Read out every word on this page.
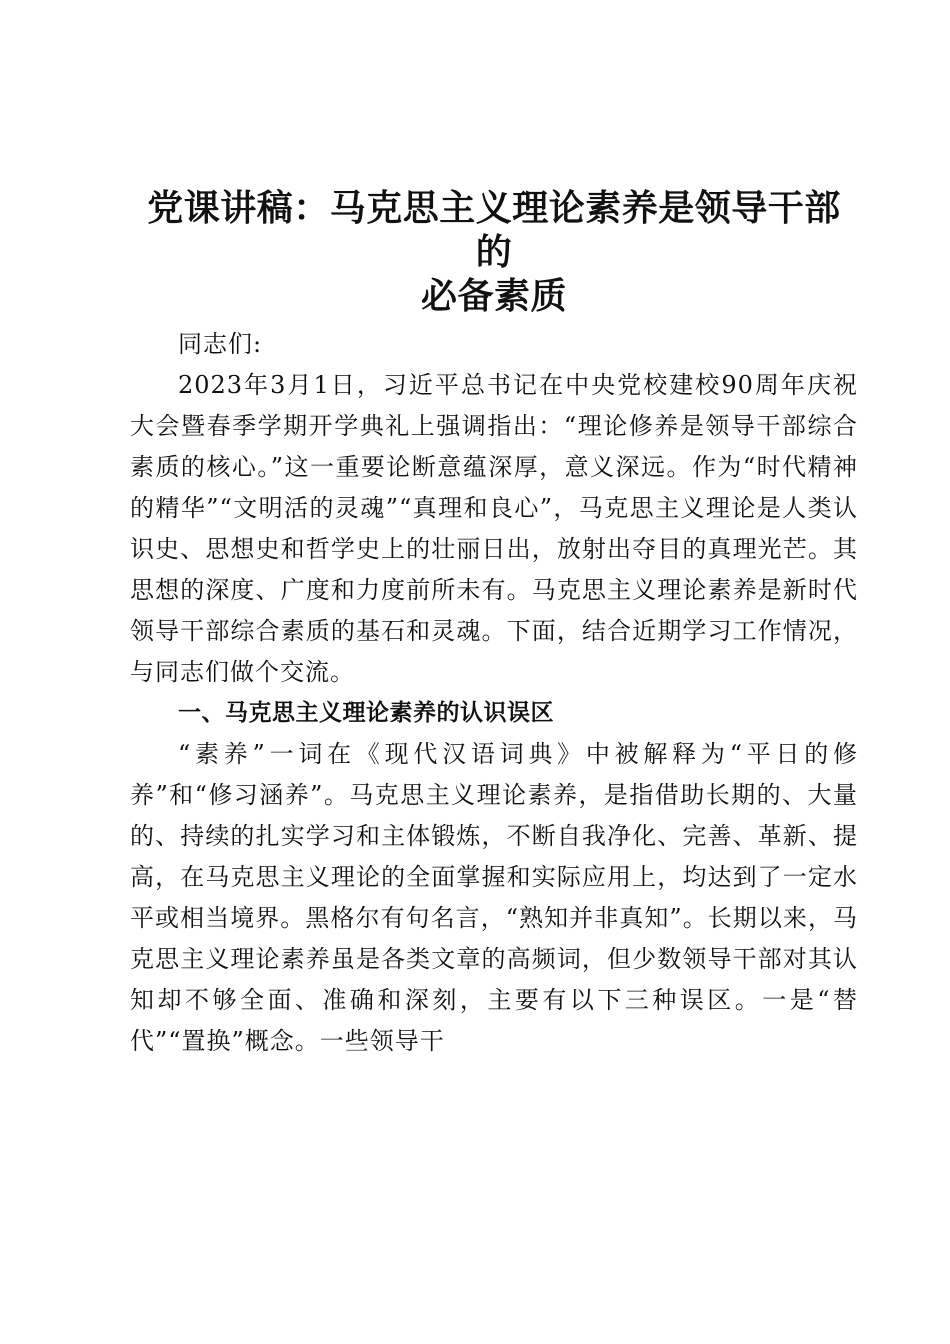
党课讲稿：马克思主义理论素养是领导干部的
必备素质

同志们:

2023年3月1日，习近平总书记在中央党校建校90周年庆祝大会暨春季学期开学典礼上强调指出：“理论修养是领导干部综合素质的核心。”这一重要论断意蕴深厚，意义深远。作为“时代精神的精华”“文明活的灵魂”“真理和良心”，马克思主义理论是人类认识史、思想史和哲学史上的壮丽日出，放射出夺目的真理光芒。其思想的深度、广度和力度前所未有。马克思主义理论素养是新时代领导干部综合素质的基石和灵魂。下面，结合近期学习工作情况，与同志们做个交流。

一、马克思主义理论素养的认识误区

“素养”一词在《现代汉语词典》中被解释为“平日的修养”和“修习涵养”。马克思主义理论素养，是指借助长期的、大量的、持续的扎实学习和主体锻炼，不断自我净化、完善、革新、提高，在马克思主义理论的全面掌握和实际应用上，均达到了一定水平或相当境界。黑格尔有句名言，“熟知并非真知”。长期以来，马克思主义理论素养虽是各类文章的高频词，但少数领导干部对其认知却不够全面、准确和深刻，主要有以下三种误区。一是“替代”“置换”概念。一些领导干
